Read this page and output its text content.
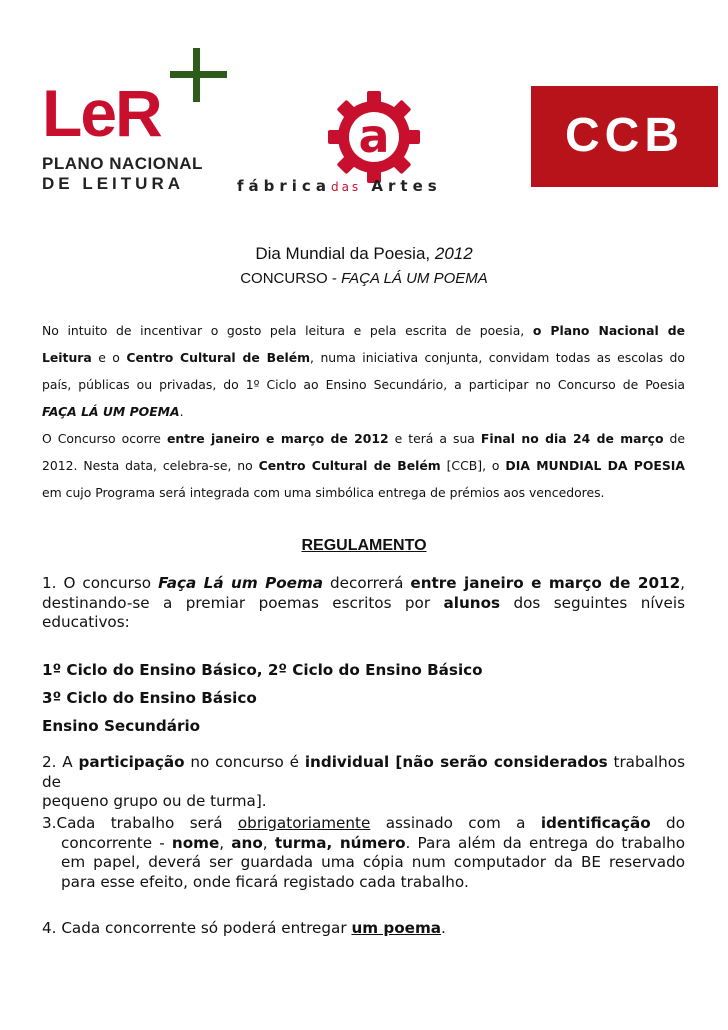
LeR
PLANO NACIONAL
DE LEITURA
a
fábricadas Artes
CCB
Dia Mundial da Poesia, 2012
CONCURSO - FAÇA LÁ UM POEMA
No intuito de incentivar o gosto pela leitura e pela escrita de poesia, o Plano Nacional de
Leitura e o Centro Cultural de Belém, numa iniciativa conjunta, convidam todas as escolas do
país, públicas ou privadas, do 1º Ciclo ao Ensino Secundário, a participar no Concurso de Poesia
FAÇA LÁ UM POEMA.
O Concurso ocorre entre janeiro e março de 2012 e terá a sua Final no dia 24 de março de
2012. Nesta data, celebra-se, no Centro Cultural de Belém [CCB], o DIA MUNDIAL DA POESIA
em cujo Programa será integrada com uma simbólica entrega de prémios aos vencedores.
REGULAMENTO
1. O concurso Faça Lá um Poema decorrerá entre janeiro e março de 2012,
destinando-se a premiar poemas escritos por alunos dos seguintes níveis
educativos:
1º Ciclo do Ensino Básico, 2º Ciclo do Ensino Básico
3º Ciclo do Ensino Básico
Ensino Secundário
2. A participação no concurso é individual [não serão considerados trabalhos de
pequeno grupo ou de turma].
3.Cada trabalho será obrigatoriamente assinado com a identificação do
concorrente - nome, ano, turma, número. Para além da entrega do trabalho
em papel, deverá ser guardada uma cópia num computador da BE reservado
para esse efeito, onde ficará registado cada trabalho.
4. Cada concorrente só poderá entregar um poema.
